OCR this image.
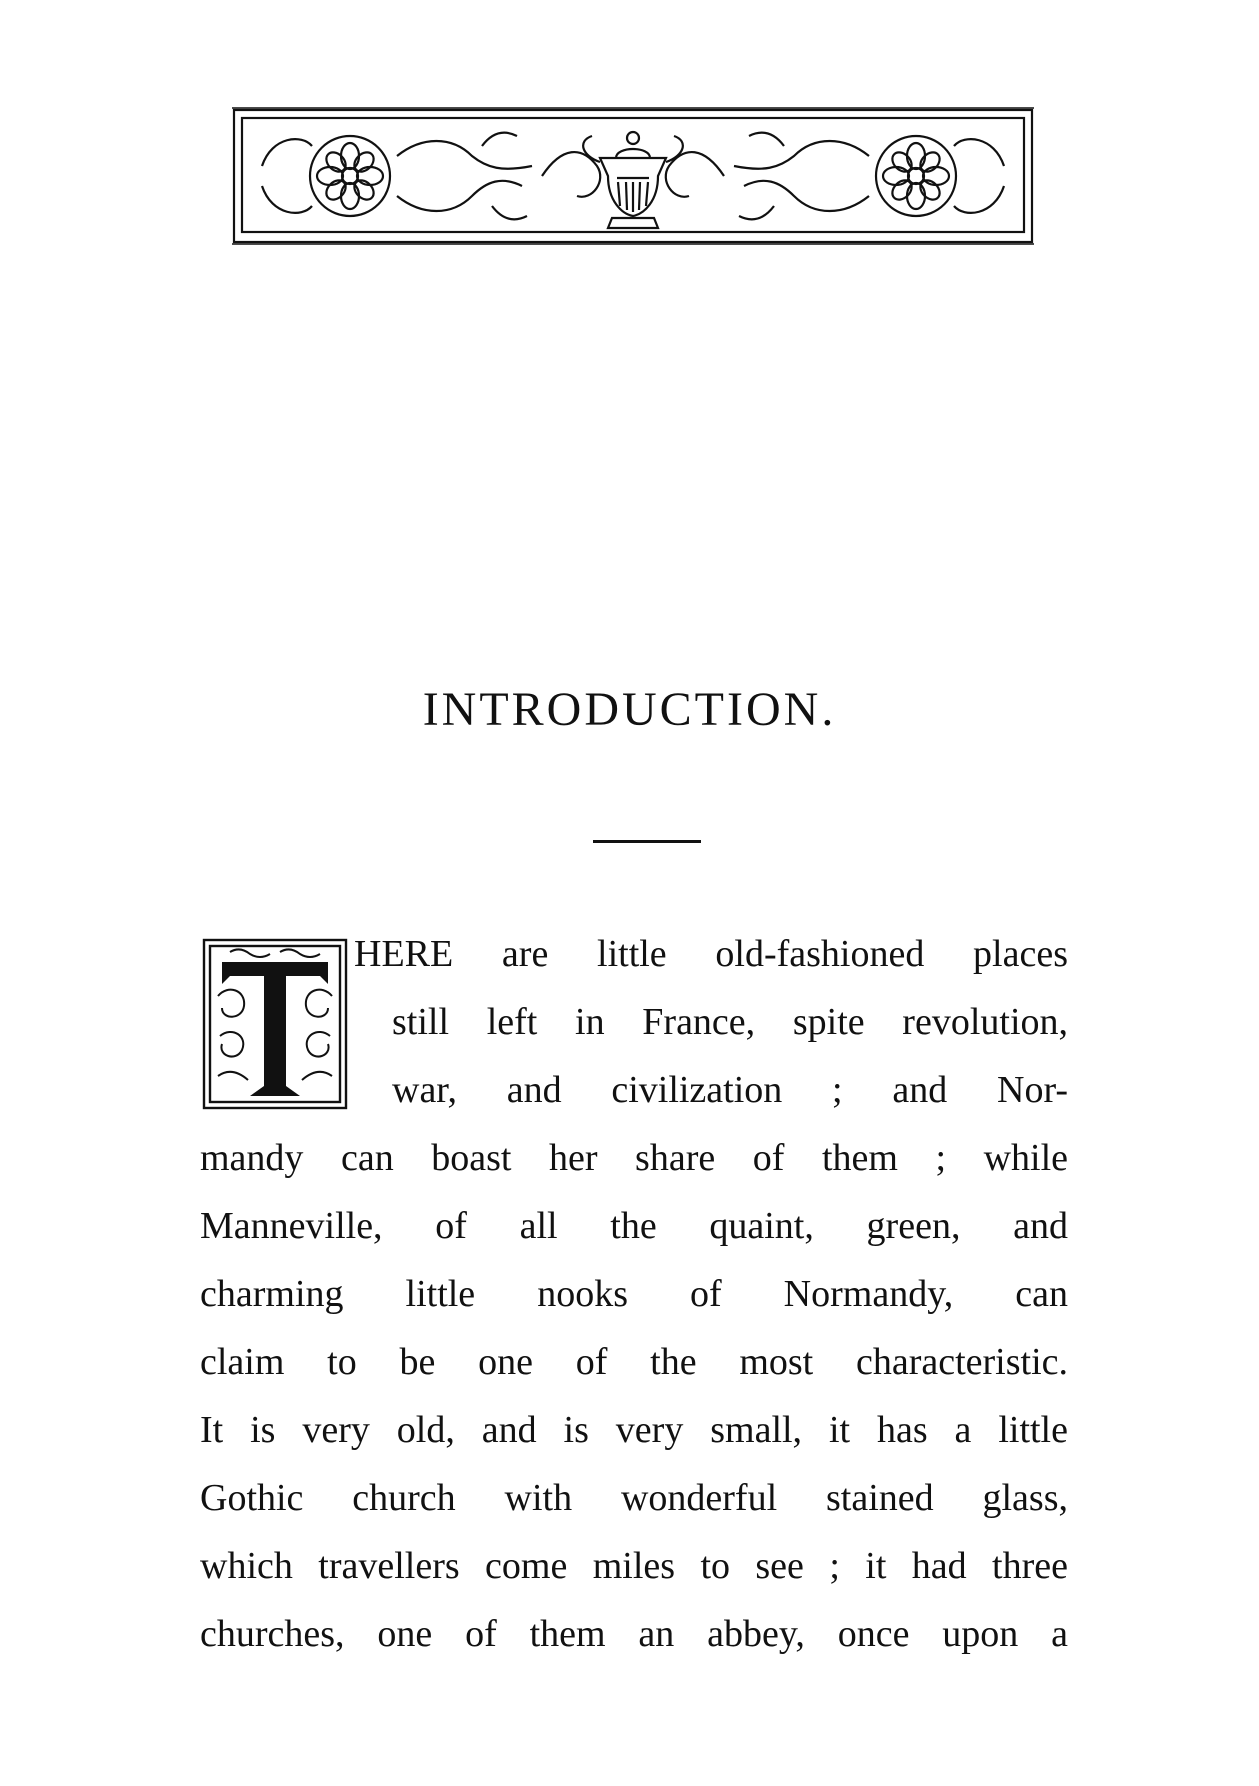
INTRODUCTION.
HERE are little old-fashioned places
still left in France, spite revolution,
war, and civilization ; and Nor-
mandy can boast her share of them ; while
Manneville, of all the quaint, green, and
charming little nooks of Normandy, can
claim to be one of the most characteristic.
It is very old, and is very small, it has a little
Gothic church with wonderful stained glass,
which travellers come miles to see ; it had three
churches, one of them an abbey, once upon a
